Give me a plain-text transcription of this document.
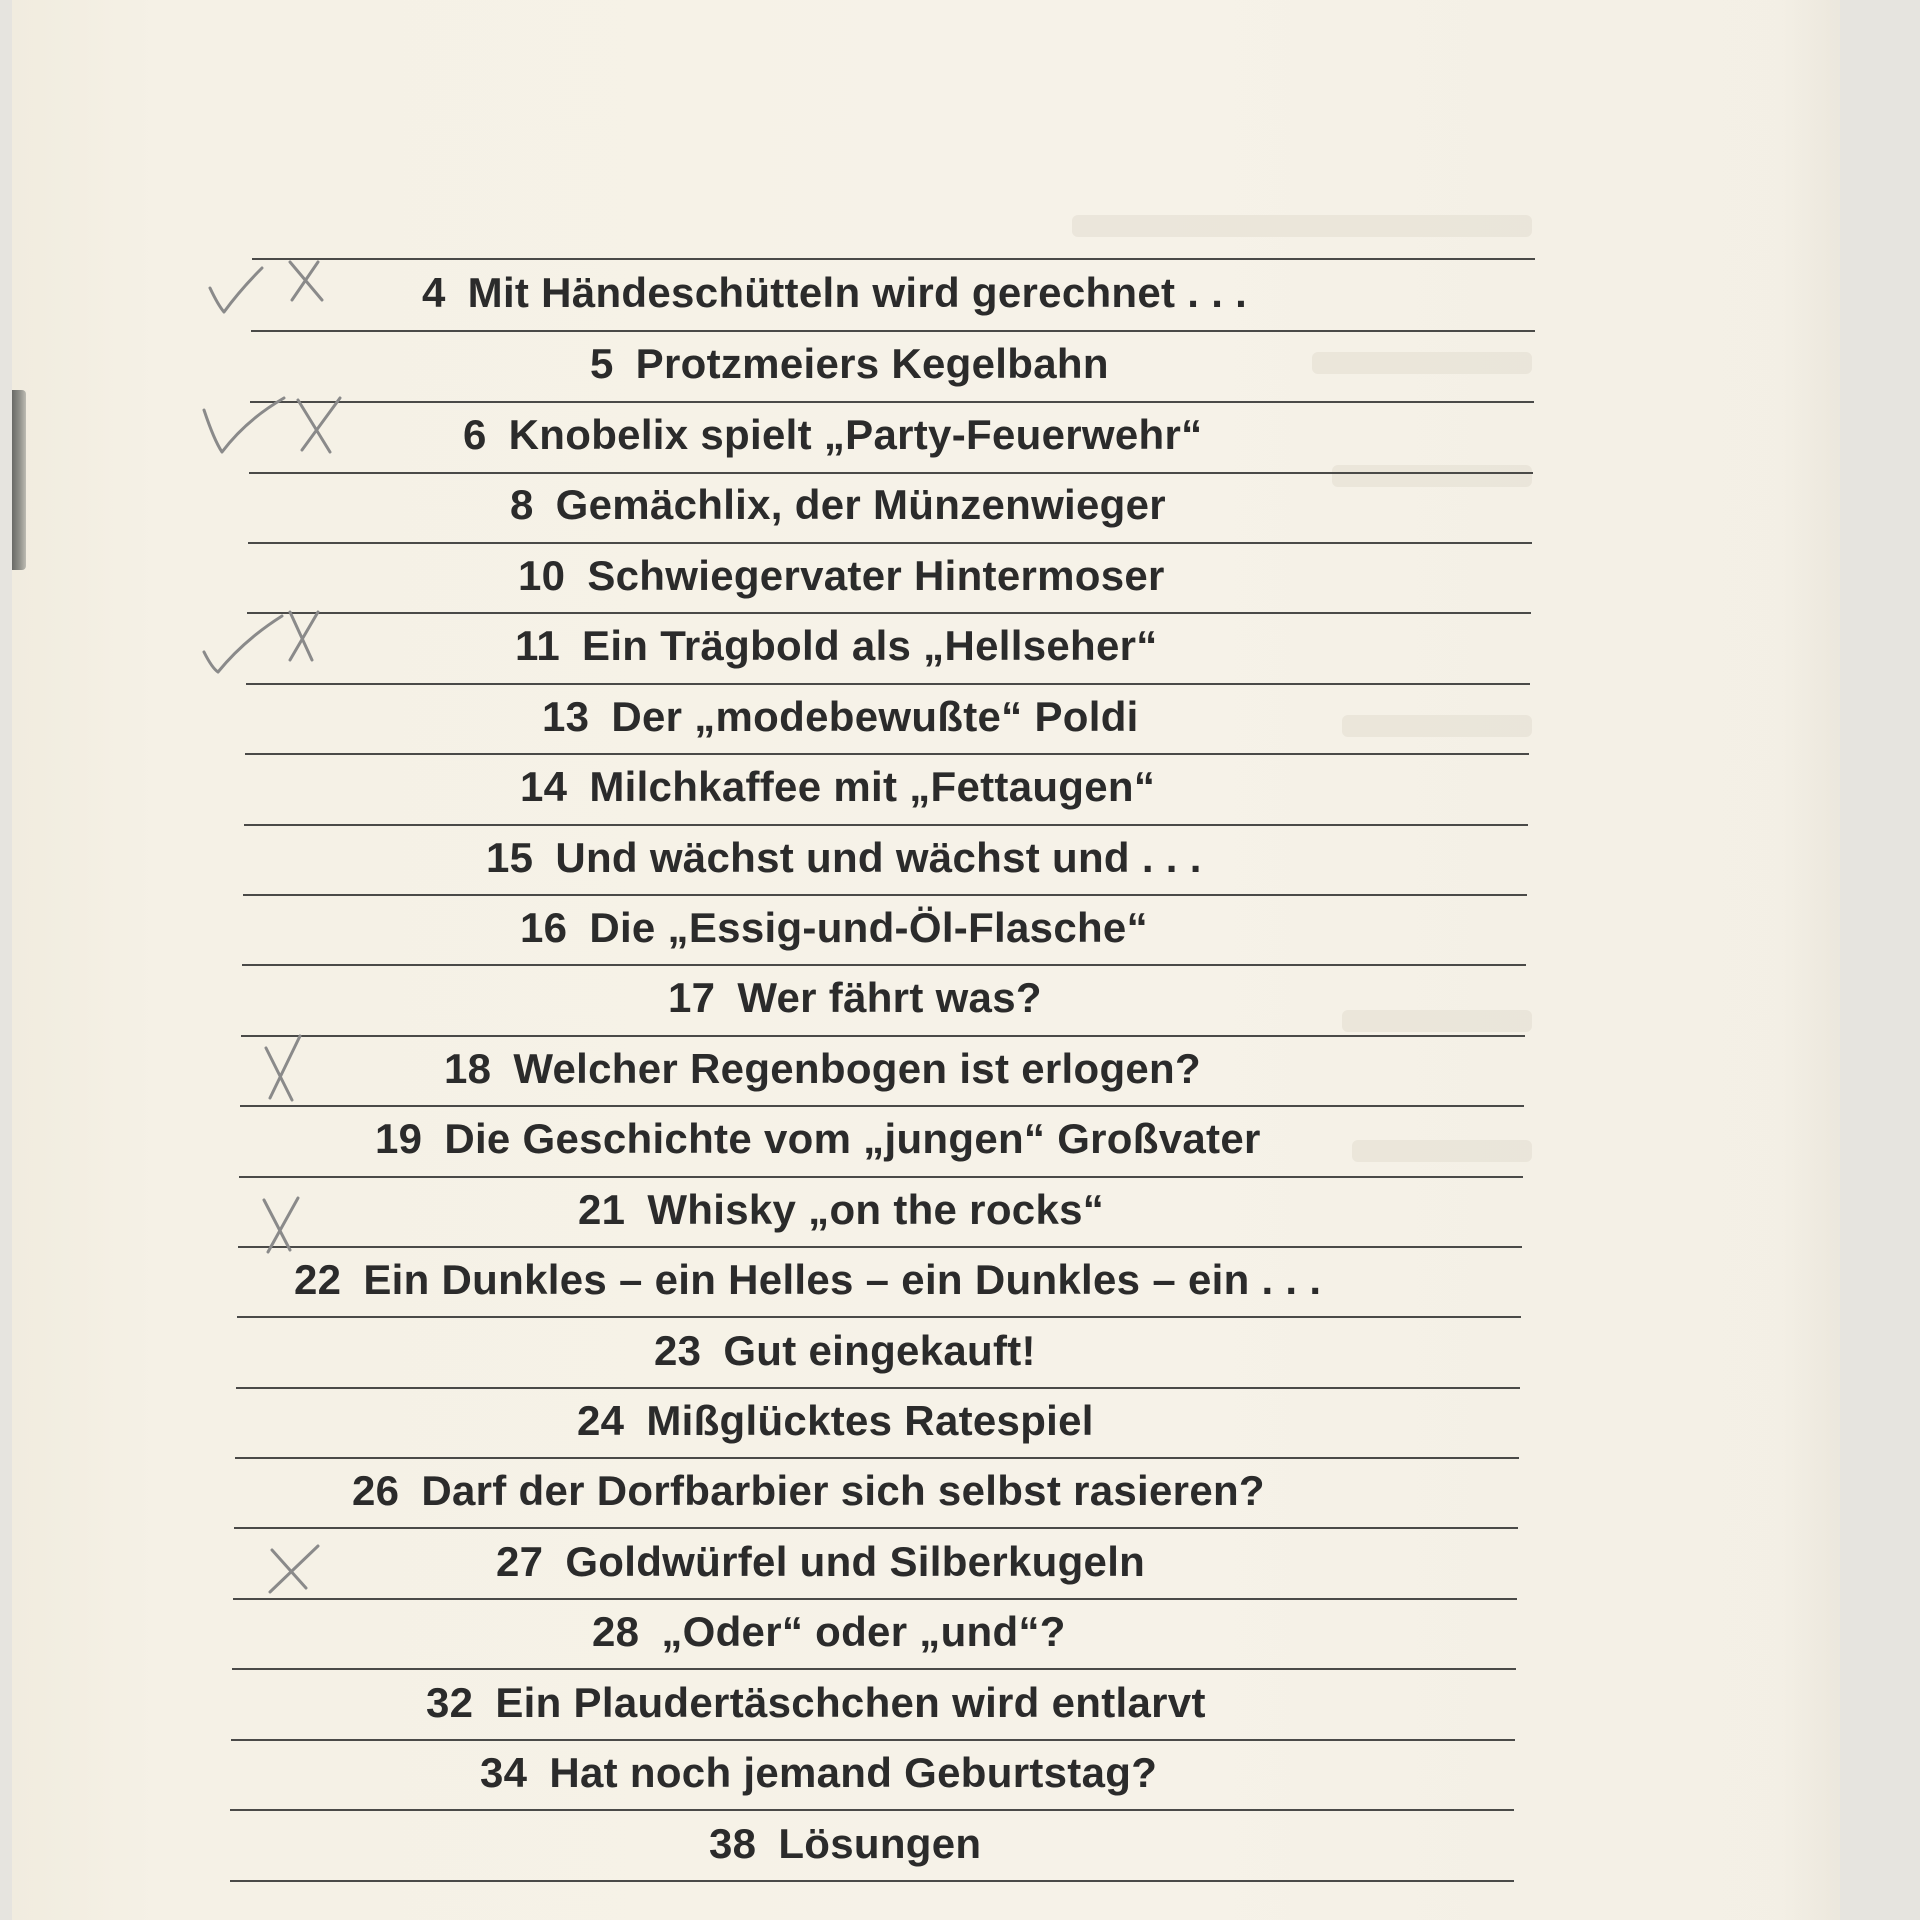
4 Mit Händeschütteln wird gerechnet . . .
5 Protzmeiers Kegelbahn
6 Knobelix spielt „Party-Feuerwehr“
8 Gemächlix, der Münzenwieger
10 Schwiegervater Hintermoser
11 Ein Trägbold als „Hellseher“
13 Der „modebewußte“ Poldi
14 Milchkaffee mit „Fettaugen“
15 Und wächst und wächst und . . .
16 Die „Essig-und-Öl-Flasche“
17 Wer fährt was?
18 Welcher Regenbogen ist erlogen?
19 Die Geschichte vom „jungen“ Großvater
21 Whisky „on the rocks“
22 Ein Dunkles – ein Helles – ein Dunkles – ein . . .
23 Gut eingekauft!
24 Mißglücktes Ratespiel
26 Darf der Dorfbarbier sich selbst rasieren?
27 Goldwürfel und Silberkugeln
28 „Oder“ oder „und“?
32 Ein Plaudertäschchen wird entlarvt
34 Hat noch jemand Geburtstag?
38 Lösungen
